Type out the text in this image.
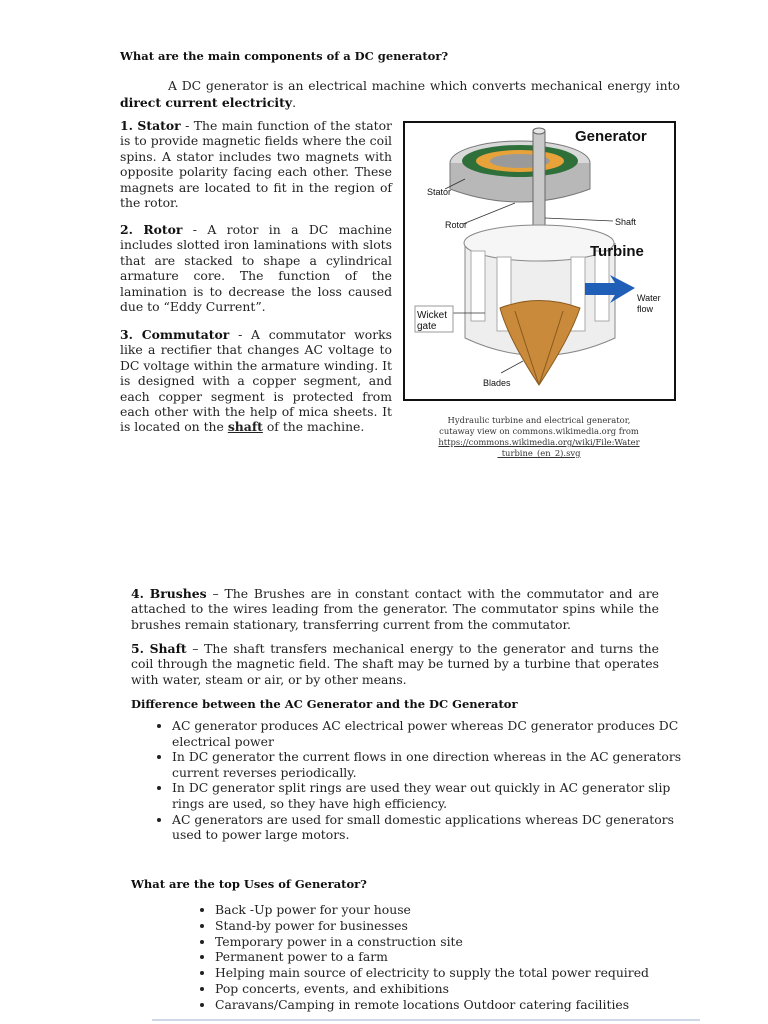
What are the main components of a DC generator?
A DC generator is an electrical machine which converts mechanical energy into direct current electricity.
1. Stator - The main function of the stator is to provide magnetic fields where the coil spins. A stator includes two magnets with opposite polarity facing each other. These magnets are located to fit in the region of the rotor.
2. Rotor - A rotor in a DC machine includes slotted iron laminations with slots that are stacked to shape a cylindrical armature core. The function of the lamination is to decrease the loss caused due to “Eddy Current”.
3. Commutator - A commutator works like a rectifier that changes AC voltage to DC voltage within the armature winding. It is designed with a copper segment, and each copper segment is protected from each other with the help of mica sheets. It is located on the shaft of the machine.
Generator
Turbine
Stator
Rotor	Shaft
Water
flow
Wicket
gate
Blades
Hydraulic turbine and electrical generator,
cutaway view on commons.wikimedia.org from
https://commons.wikimedia.org/wiki/File:Water
_turbine_(en_2).svg
4. Brushes – The Brushes are in constant contact with the commutator and are attached to the wires leading from the generator. The commutator spins while the brushes remain stationary, transferring current from the commutator.
5. Shaft – The shaft transfers mechanical energy to the generator and turns the coil through the magnetic field. The shaft may be turned by a turbine that operates with water, steam or air, or by other means.
Difference between the AC Generator and the DC Generator
• AC generator produces AC electrical power whereas DC generator produces DC electrical power
• In DC generator the current flows in one direction whereas in the AC generators current reverses periodically.
• In DC generator split rings are used they wear out quickly in AC generator slip rings are used, so they have high efficiency.
• AC generators are used for small domestic applications whereas DC generators used to power large motors.
What are the top Uses of Generator?
• Back -Up power for your house
• Stand-by power for businesses
• Temporary power in a construction site
• Permanent power to a farm
• Helping main source of electricity to supply the total power required
• Pop concerts, events, and exhibitions
• Caravans/Camping in remote locations Outdoor catering facilities
